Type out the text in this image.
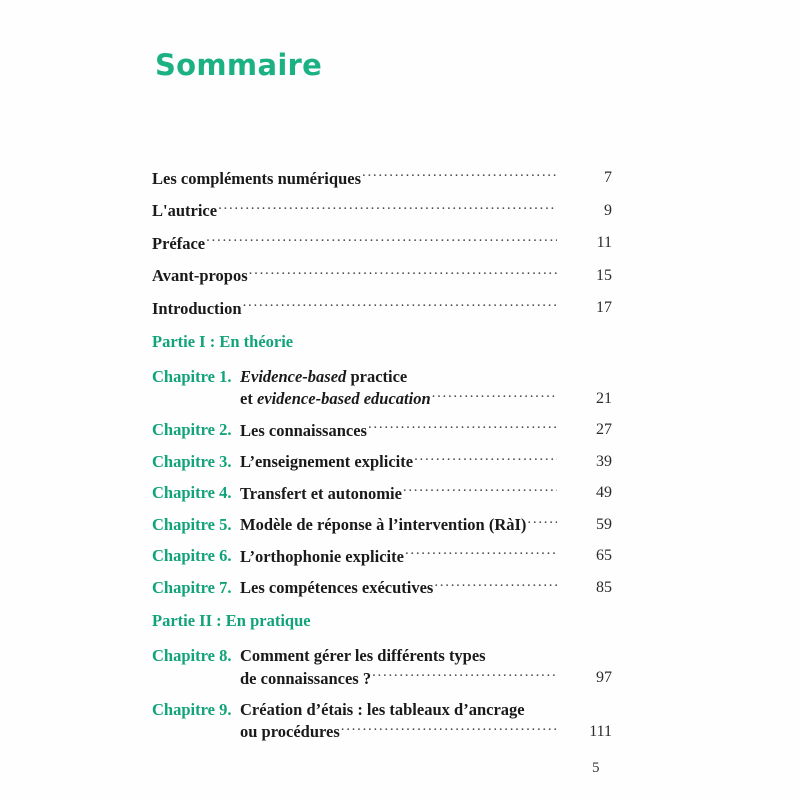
Sommaire
Les compléments numériques .....	7
L'autrice .....	9
Préface .....	11
Avant-propos .....	15
Introduction .....	17
Partie I : En théorie
Chapitre 1. Evidence-based practice
et evidence-based education .....	21
Chapitre 2. Les connaissances .....	27
Chapitre 3. L’enseignement explicite .....	39
Chapitre 4. Transfert et autonomie .....	49
Chapitre 5. Modèle de réponse à l’intervention (RàI) .....	59
Chapitre 6. L’orthophonie explicite .....	65
Chapitre 7. Les compétences exécutives .....	85
Partie II : En pratique
Chapitre 8. Comment gérer les différents types
de connaissances ? .....	97
Chapitre 9. Création d’étais : les tableaux d’ancrage
ou procédures .....	111
5
